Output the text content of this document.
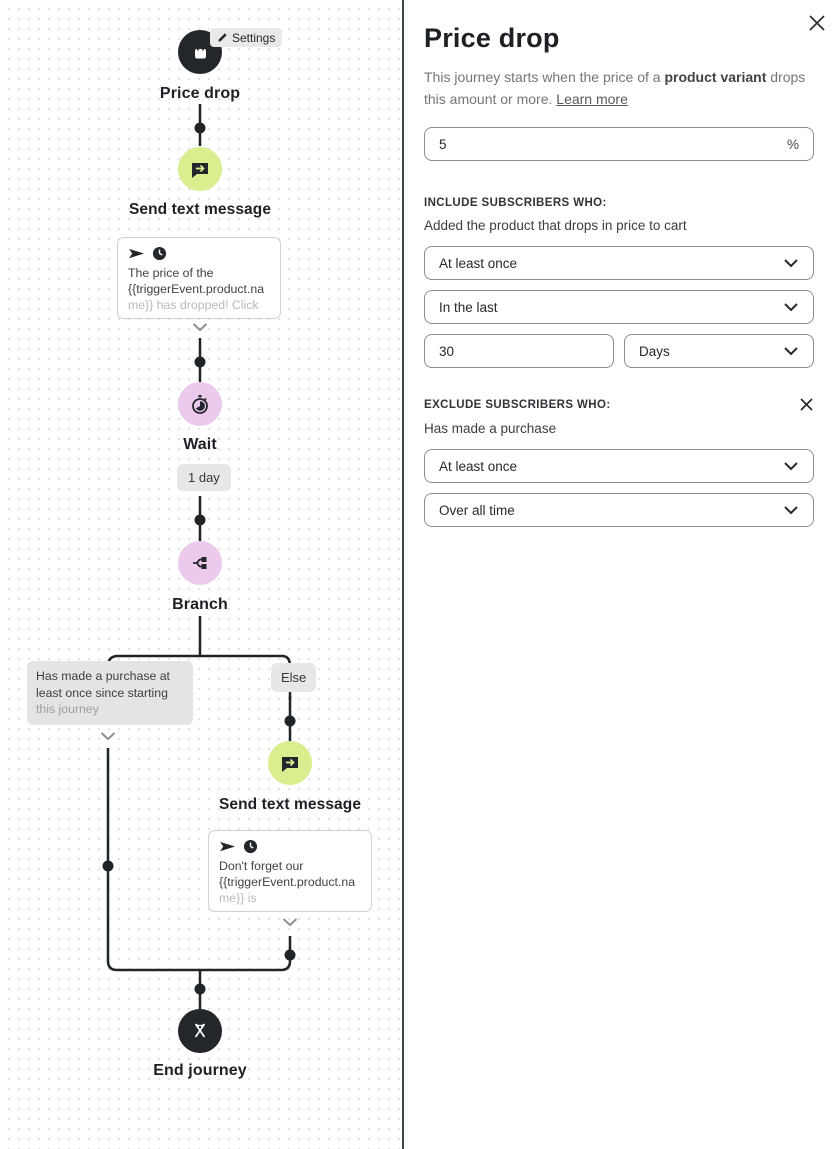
Settings
Price drop
Send text message
The price of the
{{triggerEvent.product.na
me}} has dropped! Click
Wait
1 day
Branch
Has made a purchase at
least once since starting
this journey
Else
Send text message
Don't forget our
{{triggerEvent.product.na
me}} is
End journey
Price drop

This journey starts when the price of a product variant drops this amount or more. Learn more

5	%
INCLUDE SUBSCRIBERS WHO:
Added the product that drops in price to cart
At least once
In the last
30	Days
EXCLUDE SUBSCRIBERS WHO:
Has made a purchase
At least once
Over all time
